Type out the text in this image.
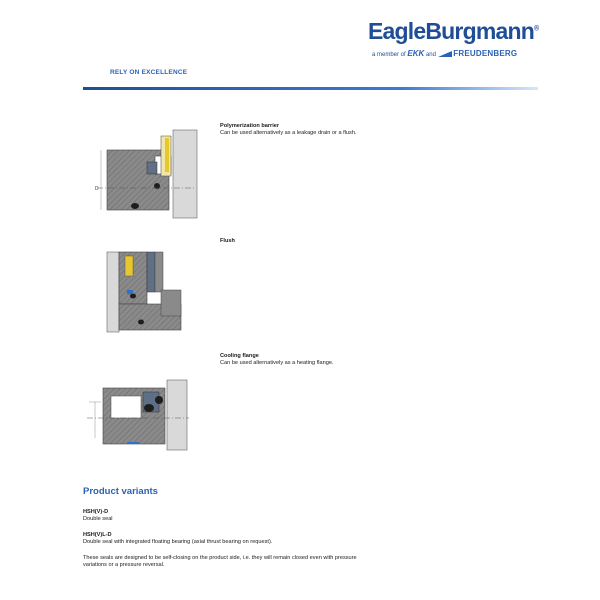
EagleBurgmann®
a member of EKK and FREUDENBERG
RELY ON EXCELLENCE
D
Polymerization barrier
Can be used alternatively as a leakage drain or a flush.
Flush
Cooling flange
Can be used alternatively as a heating flange.
Product variants
HSH(V)-D
Double seal
HSH(V)L-D
Double seal with integrated floating bearing (axial thrust bearing on request).
These seals are designed to be self-closing on the product side, i.e. they will remain closed even with pressure variations or a pressure reversal.
